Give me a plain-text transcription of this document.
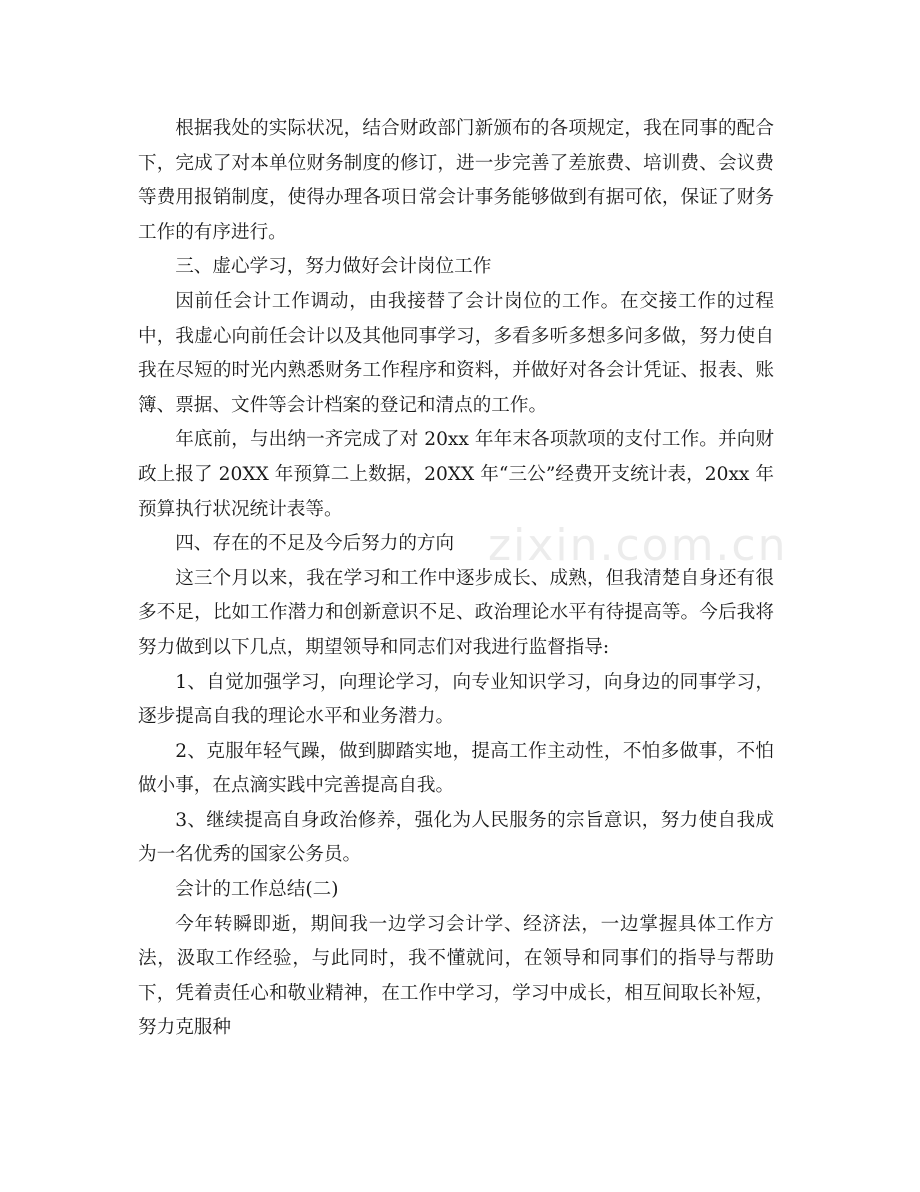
zixin.com.cn

根据我处的实际状况，结合财政部门新颁布的各项规定，我在同事的配合下，完成了对本单位财务制度的修订，进一步完善了差旅费、培训费、会议费等费用报销制度，使得办理各项日常会计事务能够做到有据可依，保证了财务工作的有序进行。

三、虚心学习，努力做好会计岗位工作

因前任会计工作调动，由我接替了会计岗位的工作。在交接工作的过程中，我虚心向前任会计以及其他同事学习，多看多听多想多问多做，努力使自我在尽短的时光内熟悉财务工作程序和资料，并做好对各会计凭证、报表、账簿、票据、文件等会计档案的登记和清点的工作。

年底前，与出纳一齐完成了对 20xx 年年末各项款项的支付工作。并向财政上报了 20XX 年预算二上数据，20XX 年“三公”经费开支统计表，20xx 年预算执行状况统计表等。

四、存在的不足及今后努力的方向

这三个月以来，我在学习和工作中逐步成长、成熟，但我清楚自身还有很多不足，比如工作潜力和创新意识不足、政治理论水平有待提高等。今后我将努力做到以下几点，期望领导和同志们对我进行监督指导:

1、自觉加强学习，向理论学习，向专业知识学习，向身边的同事学习，逐步提高自我的理论水平和业务潜力。

2、克服年轻气躁，做到脚踏实地，提高工作主动性，不怕多做事，不怕做小事，在点滴实践中完善提高自我。

3、继续提高自身政治修养，强化为人民服务的宗旨意识，努力使自我成为一名优秀的国家公务员。

会计的工作总结(二)

今年转瞬即逝，期间我一边学习会计学、经济法，一边掌握具体工作方法，汲取工作经验，与此同时，我不懂就问，在领导和同事们的指导与帮助下，凭着责任心和敬业精神，在工作中学习，学习中成长，相互间取长补短，努力克服种
